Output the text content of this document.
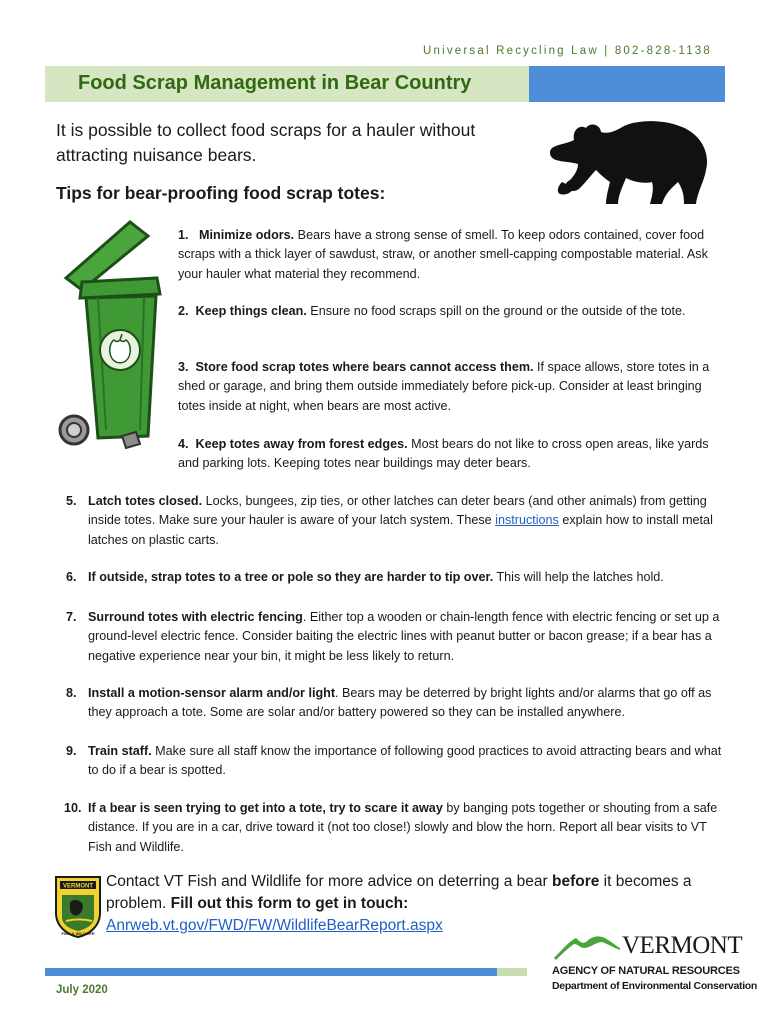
Universal Recycling Law | 802-828-1138
Food Scrap Management in Bear Country
It is possible to collect food scraps for a hauler without attracting nuisance bears.
Tips for bear-proofing food scrap totes:
1. Minimize odors. Bears have a strong sense of smell. To keep odors contained, cover food scraps with a thick layer of sawdust, straw, or another smell-capping compostable material. Ask your hauler what material they recommend.
2. Keep things clean. Ensure no food scraps spill on the ground or the outside of the tote.
3. Store food scrap totes where bears cannot access them. If space allows, store totes in a shed or garage, and bring them outside immediately before pick-up. Consider at least bringing totes inside at night, when bears are most active.
4. Keep totes away from forest edges. Most bears do not like to cross open areas, like yards and parking lots. Keeping totes near buildings may deter bears.
5. Latch totes closed. Locks, bungees, zip ties, or other latches can deter bears (and other animals) from getting inside totes. Make sure your hauler is aware of your latch system. These instructions explain how to install metal latches on plastic carts.
6. If outside, strap totes to a tree or pole so they are harder to tip over. This will help the latches hold.
7. Surround totes with electric fencing. Either top a wooden or chain-length fence with electric fencing or set up a ground-level electric fence. Consider baiting the electric lines with peanut butter or bacon grease; if a bear has a negative experience near your bin, it might be less likely to return.
8. Install a motion-sensor alarm and/or light. Bears may be deterred by bright lights and/or alarms that go off as they approach a tote. Some are solar and/or battery powered so they can be installed anywhere.
9. Train staff. Make sure all staff know the importance of following good practices to avoid attracting bears and what to do if a bear is spotted.
10. If a bear is seen trying to get into a tote, try to scare it away by banging pots together or shouting from a safe distance. If you are in a car, drive toward it (not too close!) slowly and blow the horn. Report all bear visits to VT Fish and Wildlife.
VERMONT
FISH & WILDLIFE
Contact VT Fish and Wildlife for more advice on deterring a bear before it becomes a problem. Fill out this form to get in touch:
Anrweb.vt.gov/FWD/FW/WildlifeBearReport.aspx
July 2020
VERMONT
AGENCY OF NATURAL RESOURCES
Department of Environmental Conservation
